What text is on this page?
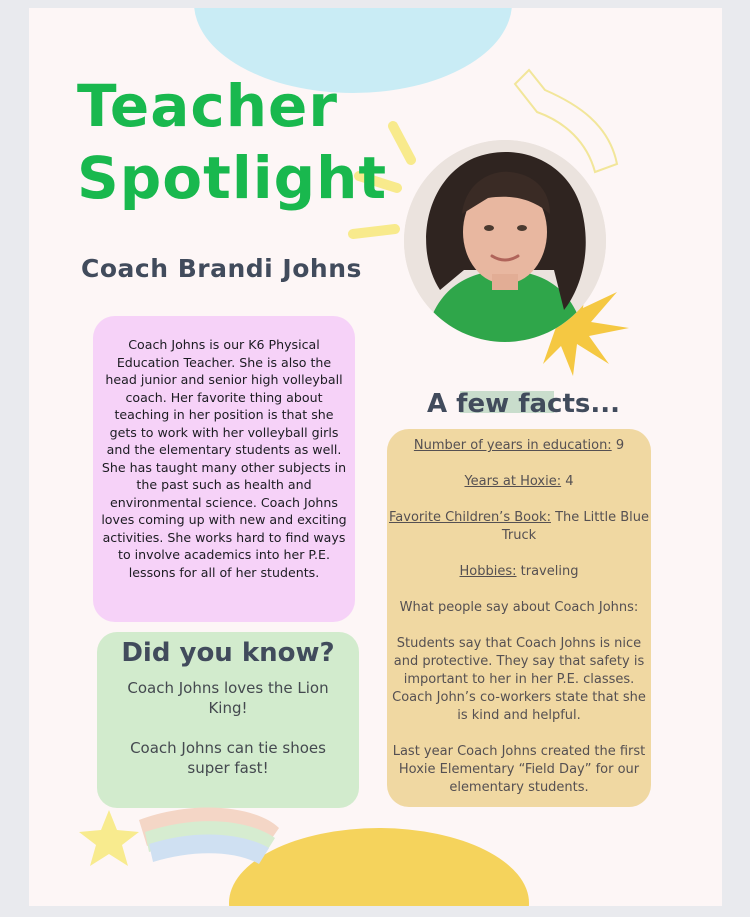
Teacher
Spotlight
Coach Brandi Johns

Coach Johns is our K6 Physical Education Teacher. She is also the head junior and senior high volleyball coach. Her favorite thing about teaching in her position is that she gets to work with her volleyball girls and the elementary students as well. She has taught many other subjects in the past such as health and environmental science. Coach Johns loves coming up with new and exciting activities. She works hard to find ways to involve academics into her P.E. lessons for all of her students.

Did you know?

Coach Johns loves the Lion King!

Coach Johns can tie shoes super fast!

A few facts...

Number of years in education: 9

Years at Hoxie: 4

Favorite Children’s Book: The Little Blue Truck

Hobbies: traveling

What people say about Coach Johns:

Students say that Coach Johns is nice and protective. They say that safety is important to her in her P.E. classes. Coach John’s co-workers state that she is kind and helpful.

Last year Coach Johns created the first Hoxie Elementary “Field Day” for our elementary students.
